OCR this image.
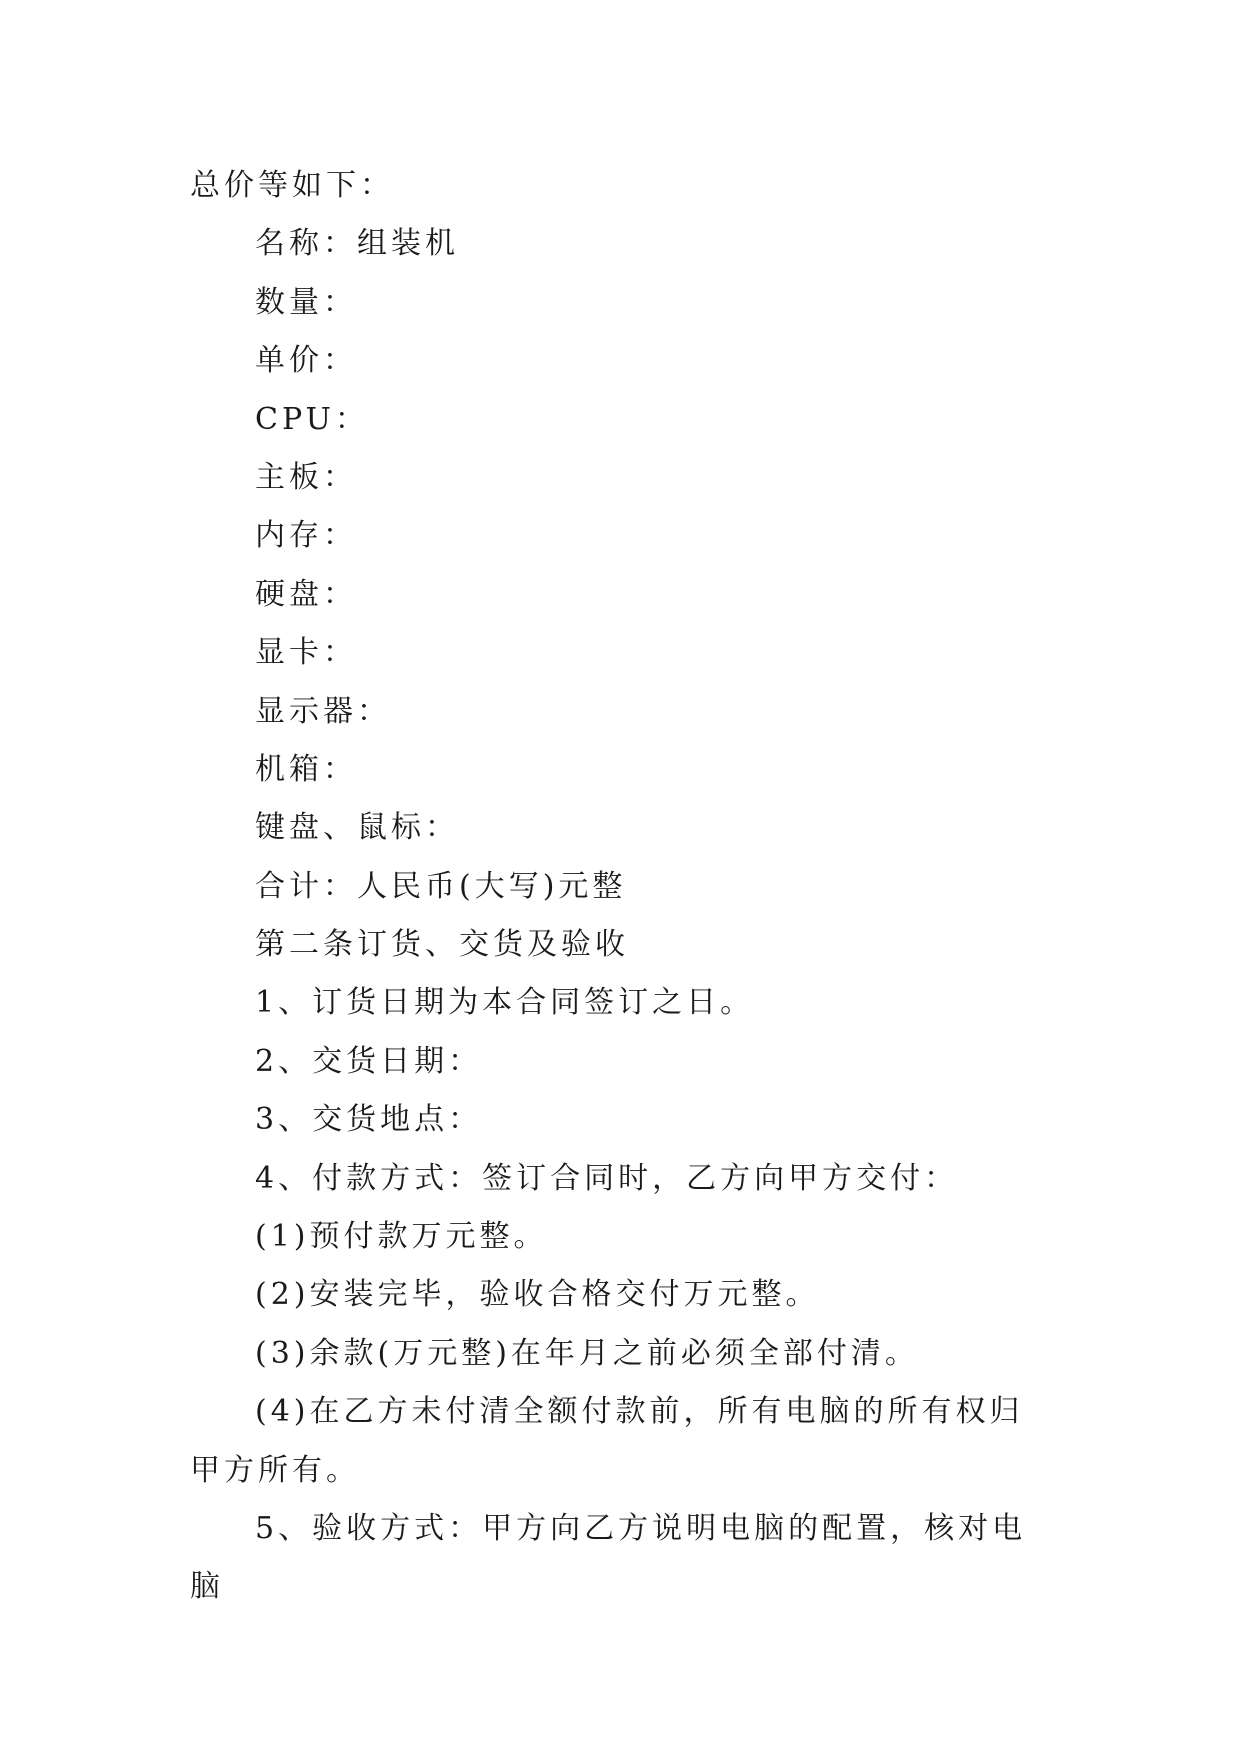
总价等如下：
名称：组装机
数量：
单价：
CPU：
主板：
内存：
硬盘：
显卡：
显示器：
机箱：
键盘、鼠标：
合计：人民币(大写)元整
第二条订货、交货及验收
1、订货日期为本合同签订之日。
2、交货日期：
3、交货地点：
4、付款方式：签订合同时，乙方向甲方交付：
(1)预付款万元整。
(2)安装完毕，验收合格交付万元整。
(3)余款(万元整)在年月之前必须全部付清。
(4)在乙方未付清全额付款前，所有电脑的所有权归甲方所有。
5、验收方式：甲方向乙方说明电脑的配置，核对电脑
